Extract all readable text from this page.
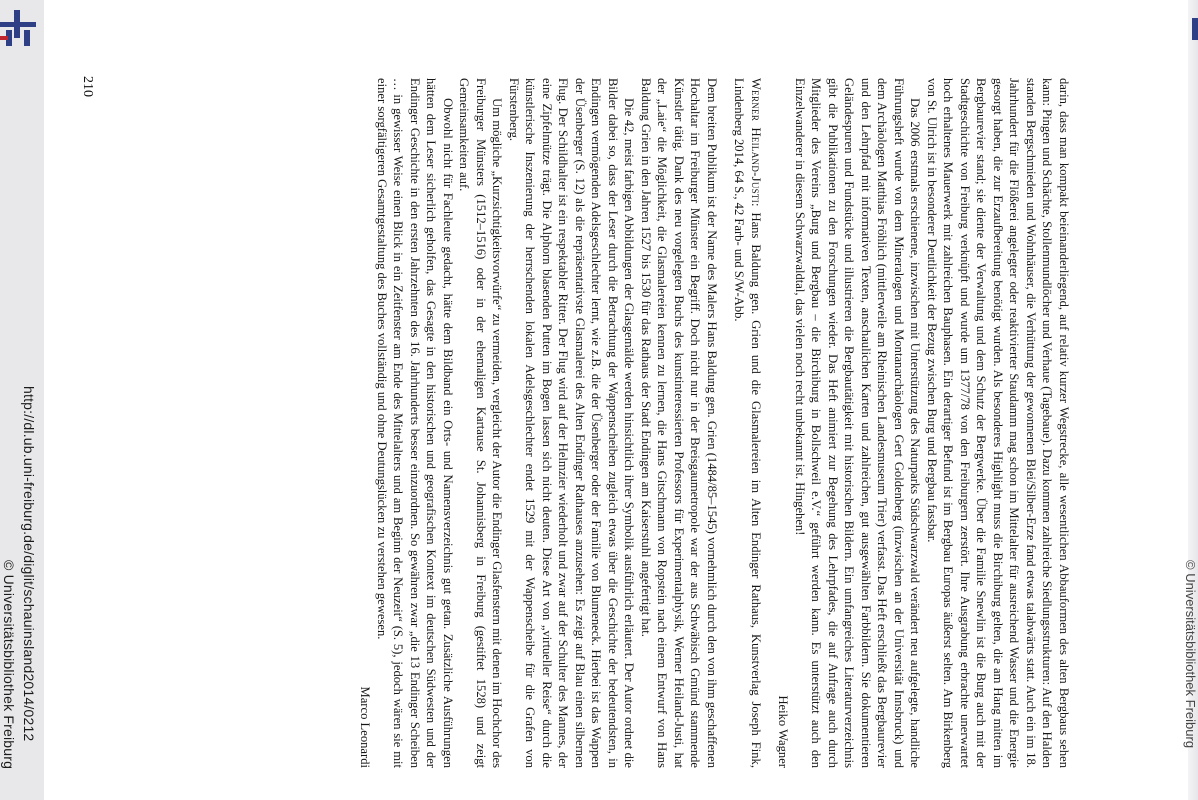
http://dl.ub.uni-freiburg.de/diglit/schauinsland2014/0212
© Universitätsbibliothek Freiburg	© Universitätsbibliothek Freiburg
210	darin, dass man kompakt beieinanderliegend, auf relativ kurzer Wegstrecke, alle wesentlichen Abbauformen des alten Bergbaus sehen kann: Pingen und Schächte, Stollenmundlöcher und Verhaue (Tagebaue). Dazu kommen zahlreiche Siedlungsstrukturen: Auf den Halden standen Bergschmieden und Wohnhäuser, die Verhüttung der gewonnenen Blei/Silber-Erze fand etwas talabwärts statt. Auch ein im 18. Jahrhundert für die Flößerei angelegter oder reaktivierter Staudamm mag schon im Mittelalter für ausreichend Wasser und die Energie gesorgt haben, die zur Erzaufbereitung benötigt wurden. Als besonderes Highlight muss die Birchiburg gelten, die am Hang mitten im Bergbaurevier stand; sie diente der Verwaltung und dem Schutz der Bergwerke. Über die Familie Snewlin ist die Burg auch mit der Stadtgeschichte von Freiburg verknüpft und wurde um 1377/78 von den Freiburgern zerstört. Ihre Ausgrabung erbrachte unerwartet hoch erhaltenes Mauerwerk mit zahlreichen Bauphasen. Ein derartiger Befund ist im Bergbau Europas äußerst selten. Am Birkenberg von St. Ulrich ist in besonderer Deutlichkeit der Bezug zwischen Burg und Bergbau fassbar.

Das 2006 erstmals erschienene, inzwischen mit Unterstützung des Naturparks Südschwarzwald verändert neu aufgelegte, handliche Führungsheft wurde von dem Mineralogen und Montanarchäologen Gert Goldenberg (inzwischen an der Universität Innsbruck) und dem Archäologen Matthias Fröhlich (mittlerweile am Rheinischen Landesmuseum Trier) verfasst. Das Heft erschließt das Bergbaurevier und den Lehrpfad mit informativen Texten, anschaulichen Karten und zahlreichen, gut ausgewählten Farbbildern. Sie dokumentieren Geländespuren und Fundstücke und illustrieren die Bergbautätigkeit mit historischen Bildern. Ein umfangreiches Literaturverzeichnis gibt die Publikationen zu den Forschungen wieder. Das Heft animiert zur Begehung des Lehrpfades, die auf Anfrage auch durch Mitglieder des Vereins „Burg und Bergbau – die Birchiburg in Bollschweil e.V.“ geführt werden kann. Es unterstützt auch den Einzelwanderer in diesem Schwarzwaldtal, das vielen noch recht unbekannt ist. Hingehen!

Heiko Wagner

Werner Heiland-Justi: Hans Baldung gen. Grien und die Glasmalereien im Alten Endinger Rathaus, Kunstverlag Joseph Fink, Lindenberg 2014, 64 S., 42 Farb- und S/W-Abb.

Dem breiten Publikum ist der Name des Malers Hans Baldung gen. Grien (1484/85–1545) vornehmlich durch den von ihm geschaffenen Hochaltar im Freiburger Münster ein Begriff. Doch nicht nur in der Breisgaumetropole war der aus Schwäbisch Gmünd stammende Künstler tätig. Dank des neu vorgelegten Buchs des kunstinteressierten Professors für Experimentalphysik, Werner Heiland-Justi, hat der „Laie“ die Möglichkeit, die Glasmalereien kennen zu lernen, die Hans Gitschmann von Ropstein nach einem Entwurf von Hans Baldung Grien in den Jahren 1527 bis 1530 für das Rathaus der Stadt Endingen am Kaiserstuhl angefertigt hat.

Die 42, meist farbigen Abbildungen der Glasgemälde werden hinsichtlich ihrer Symbolik ausführlich erläutert. Der Autor ordnet die Bilder dabei so, dass der Leser durch die Betrachtung der Wappenscheiben zugleich etwas über die Geschichte der bedeutendsten, in Endingen vermögenden Adelsgeschlechter lernt, wie z.B. die der Üsenberger oder der Familie von Blumeneck. Hierbei ist das Wappen der Üsenberger (S. 12) als die repräsentativste Glasmalerei des Alten Endinger Rathauses anzusehen: Es zeigt auf Blau einen silbernen Flug. Der Schildhalter ist ein respektabler Ritter. Der Flug wird auf der Helmzier wiederholt und zwar auf der Schulter des Mannes, der eine Zipfelmütze trägt. Die Alphorn blasenden Putten im Bogen lassen sich nicht deuten. Diese Art von „virtueller Reise“ durch die künstlerische Inszenierung der herrschenden lokalen Adelsgeschlechter endet 1529 mit der Wappenscheibe für die Grafen von Fürstenberg.

Um mögliche „Kurzsichtigkeitsvorwürfe“ zu vermeiden, vergleicht der Autor die Endinger Glasfenstern mit denen im Hochchor des Freiburger Münsters (1512–1516) oder in der ehemaligen Kartause St. Johannisberg in Freiburg (gestiftet 1528) und zeigt Gemeinsamkeiten auf.

Obwohl nicht für Fachleute gedacht, hätte dem Bildband ein Orts- und Namensverzeichnis gut getan. Zusätzliche Ausführungen hätten dem Leser sicherlich geholfen, das Gesagte in den historischen und geografischen Kontext im deutschen Südwesten und der Endinger Geschichte in den ersten Jahrzehnten des 16. Jahrhunderts besser einzuordnen. So gewähren zwar „die 13 Endinger Scheiben … in gewisser Weise einen Blick in ein Zeitfenster am Ende des Mittelalters und am Beginn der Neuzeit“ (S. 5), jedoch wären sie mit einer sorgfältigeren Gesamtgestaltung des Buches vollständig und ohne Deutungslücken zu verstehen gewesen.

Marco Leonardi
